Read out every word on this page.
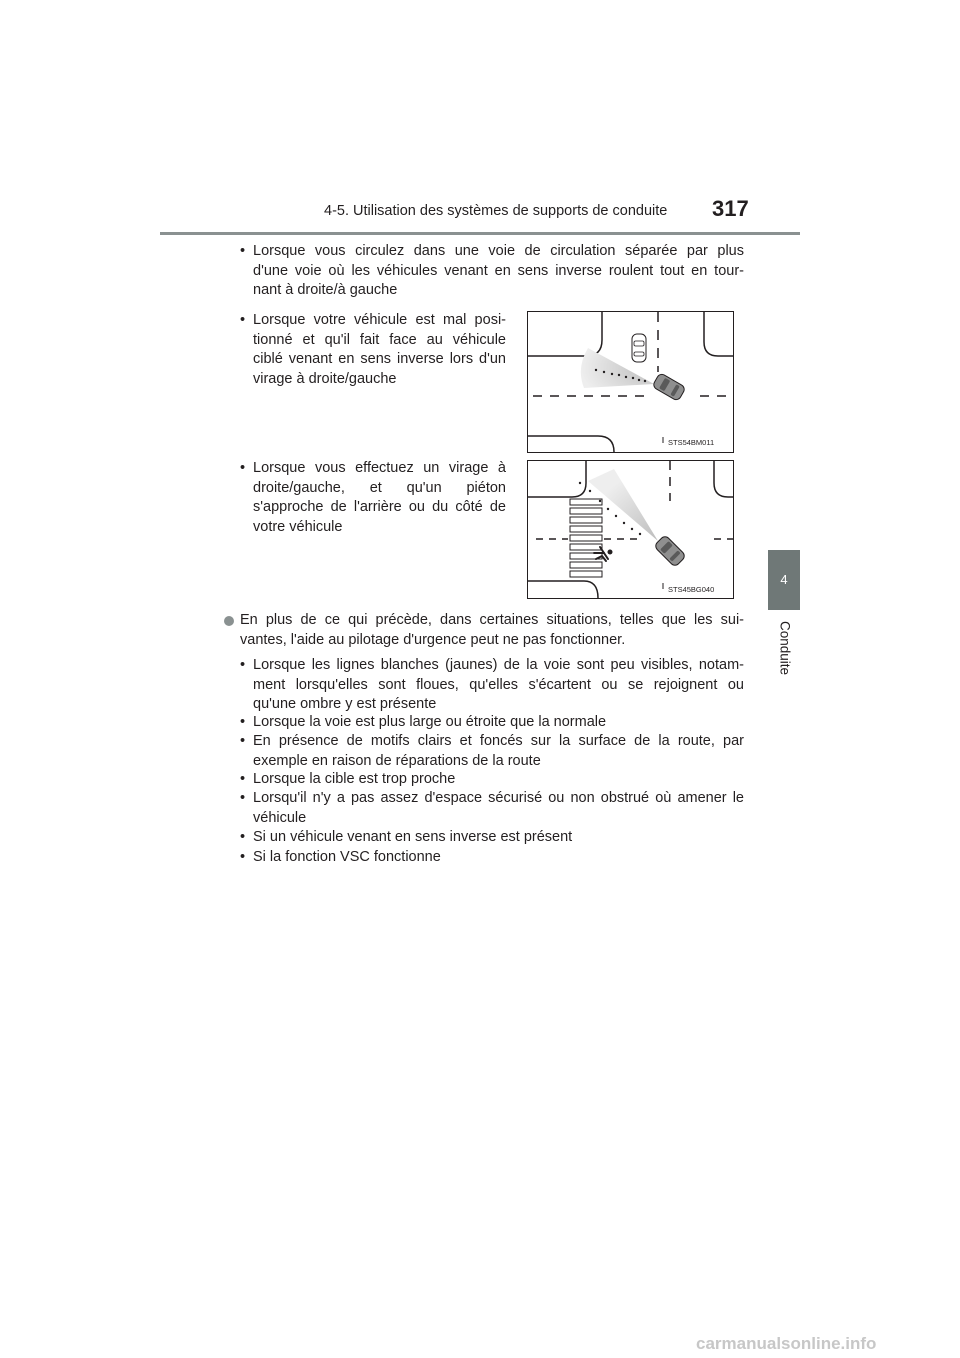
4-5. Utilisation des systèmes de supports de conduite 317
4
Conduite
• Lorsque vous circulez dans une voie de circulation séparée par plus
d'une voie où les véhicules venant en sens inverse roulent tout en tour-
nant à droite/à gauche
• Lorsque votre véhicule est mal posi-
tionné et qu'il fait face au véhicule
ciblé venant en sens inverse lors d'un
virage à droite/gauche
STS54BM011
• Lorsque vous effectuez un virage à
droite/gauche, et qu'un piéton
s'approche de l'arrière ou du côté de
votre véhicule
STS45BG040
En plus de ce qui précède, dans certaines situations, telles que les sui-
vantes, l'aide au pilotage d'urgence peut ne pas fonctionner.
• Lorsque les lignes blanches (jaunes) de la voie sont peu visibles, notam-
ment lorsqu'elles sont floues, qu'elles s'écartent ou se rejoignent ou
qu'une ombre y est présente
• Lorsque la voie est plus large ou étroite que la normale
• En présence de motifs clairs et foncés sur la surface de la route, par
exemple en raison de réparations de la route
• Lorsque la cible est trop proche
• Lorsqu'il n'y a pas assez d'espace sécurisé ou non obstrué où amener le
véhicule
• Si un véhicule venant en sens inverse est présent
• Si la fonction VSC fonctionne
carmanualsonline.info
